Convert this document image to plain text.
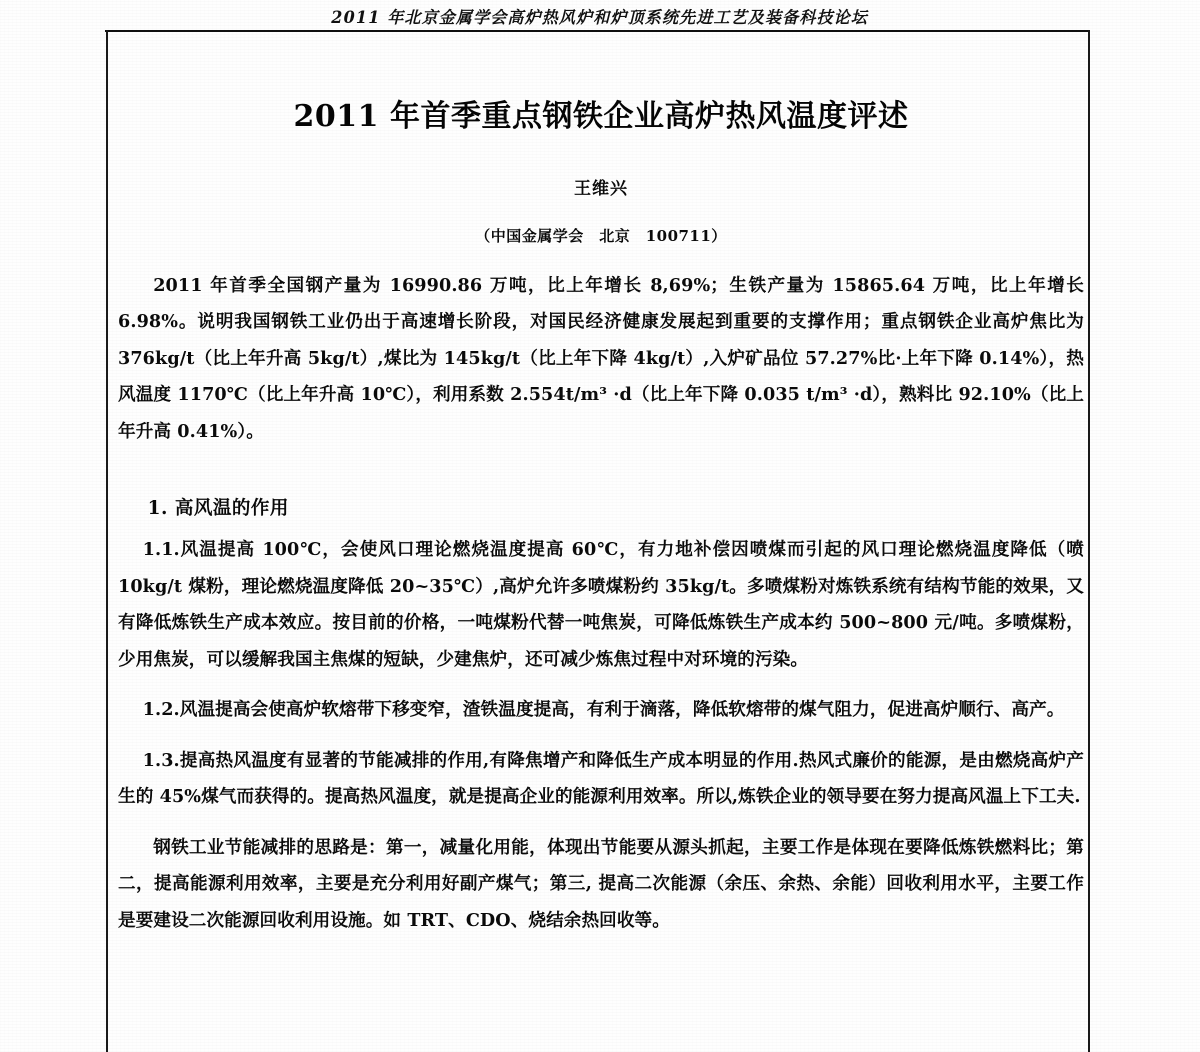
2011 年北京金属学会高炉热风炉和炉顶系统先进工艺及装备科技论坛
2011 年首季重点钢铁企业高炉热风温度评述
王维兴
（中国金属学会　北京　100711）

2011 年首季全国钢产量为 16990.86 万吨，比上年增长 8,69%；生铁产量为 15865.64 万吨，比上年增长 6.98%。说明我国钢铁工业仍出于高速增长阶段，对国民经济健康发展起到重要的支撑作用；重点钢铁企业高炉焦比为 376kg/t（比上年升高 5kg/t）,煤比为 145kg/t（比上年下降 4kg/t）,入炉矿品位 57.27%比·上年下降 0.14%），热风温度 1170℃（比上年升高 10℃），利用系数 2.554t/m³ ·d（比上年下降 0.035 t/m³ ·d），熟料比 92.10%（比上年升高 0.41%）。

1. 高风温的作用

1.1.风温提高 100℃，会使风口理论燃烧温度提高 60℃，有力地补偿因喷煤而引起的风口理论燃烧温度降低（喷 10kg/t 煤粉，理论燃烧温度降低 20~35℃）,高炉允许多喷煤粉约 35kg/t。多喷煤粉对炼铁系统有结构节能的效果，又有降低炼铁生产成本效应。按目前的价格，一吨煤粉代替一吨焦炭，可降低炼铁生产成本约 500~800 元/吨。多喷煤粉，少用焦炭，可以缓解我国主焦煤的短缺，少建焦炉，还可减少炼焦过程中对环境的污染。

1.2.风温提高会使高炉软熔带下移变窄，渣铁温度提高，有利于滴落，降低软熔带的煤气阻力，促进高炉顺行、高产。

1.3.提高热风温度有显著的节能减排的作用,有降焦增产和降低生产成本明显的作用.热风式廉价的能源，是由燃烧高炉产生的 45%煤气而获得的。提高热风温度，就是提高企业的能源利用效率。所以,炼铁企业的领导要在努力提高风温上下工夫.

钢铁工业节能减排的思路是：第一，减量化用能，体现出节能要从源头抓起，主要工作是体现在要降低炼铁燃料比；第二，提高能源利用效率，主要是充分利用好副产煤气；第三, 提高二次能源（余压、余热、余能）回收利用水平，主要工作是要建设二次能源回收利用设施。如 TRT、CDO、烧结余热回收等。
